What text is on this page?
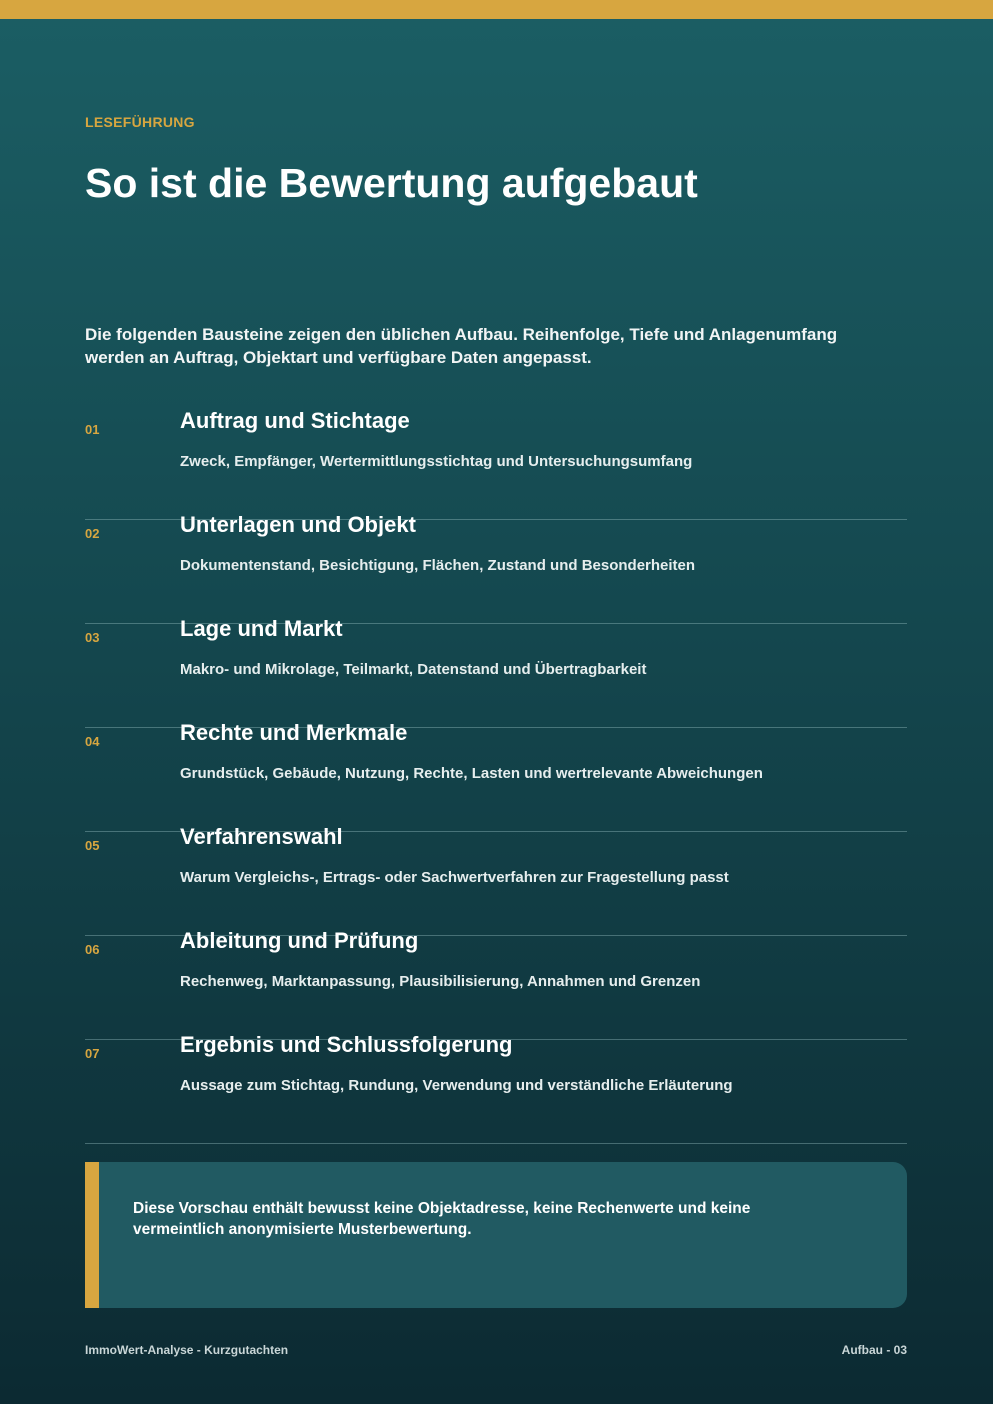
LESEFÜHRUNG
So ist die Bewertung aufgebaut
Die folgenden Bausteine zeigen den üblichen Aufbau. Reihenfolge, Tiefe und Anlagenumfang werden an Auftrag, Objektart und verfügbare Daten angepasst.
01	Auftrag und Stichtage
Zweck, Empfänger, Wertermittlungsstichtag und Untersuchungsumfang
02	Unterlagen und Objekt
Dokumentenstand, Besichtigung, Flächen, Zustand und Besonderheiten
03	Lage und Markt
Makro- und Mikrolage, Teilmarkt, Datenstand und Übertragbarkeit
04	Rechte und Merkmale
Grundstück, Gebäude, Nutzung, Rechte, Lasten und wertrelevante Abweichungen
05	Verfahrenswahl
Warum Vergleichs-, Ertrags- oder Sachwertverfahren zur Fragestellung passt
06	Ableitung und Prüfung
Rechenweg, Marktanpassung, Plausibilisierung, Annahmen und Grenzen
07	Ergebnis und Schlussfolgerung
Aussage zum Stichtag, Rundung, Verwendung und verständliche Erläuterung
Diese Vorschau enthält bewusst keine Objektadresse, keine Rechenwerte und keine vermeintlich anonymisierte Musterbewertung.
ImmoWert-Analyse - Kurzgutachten	Aufbau - 03
